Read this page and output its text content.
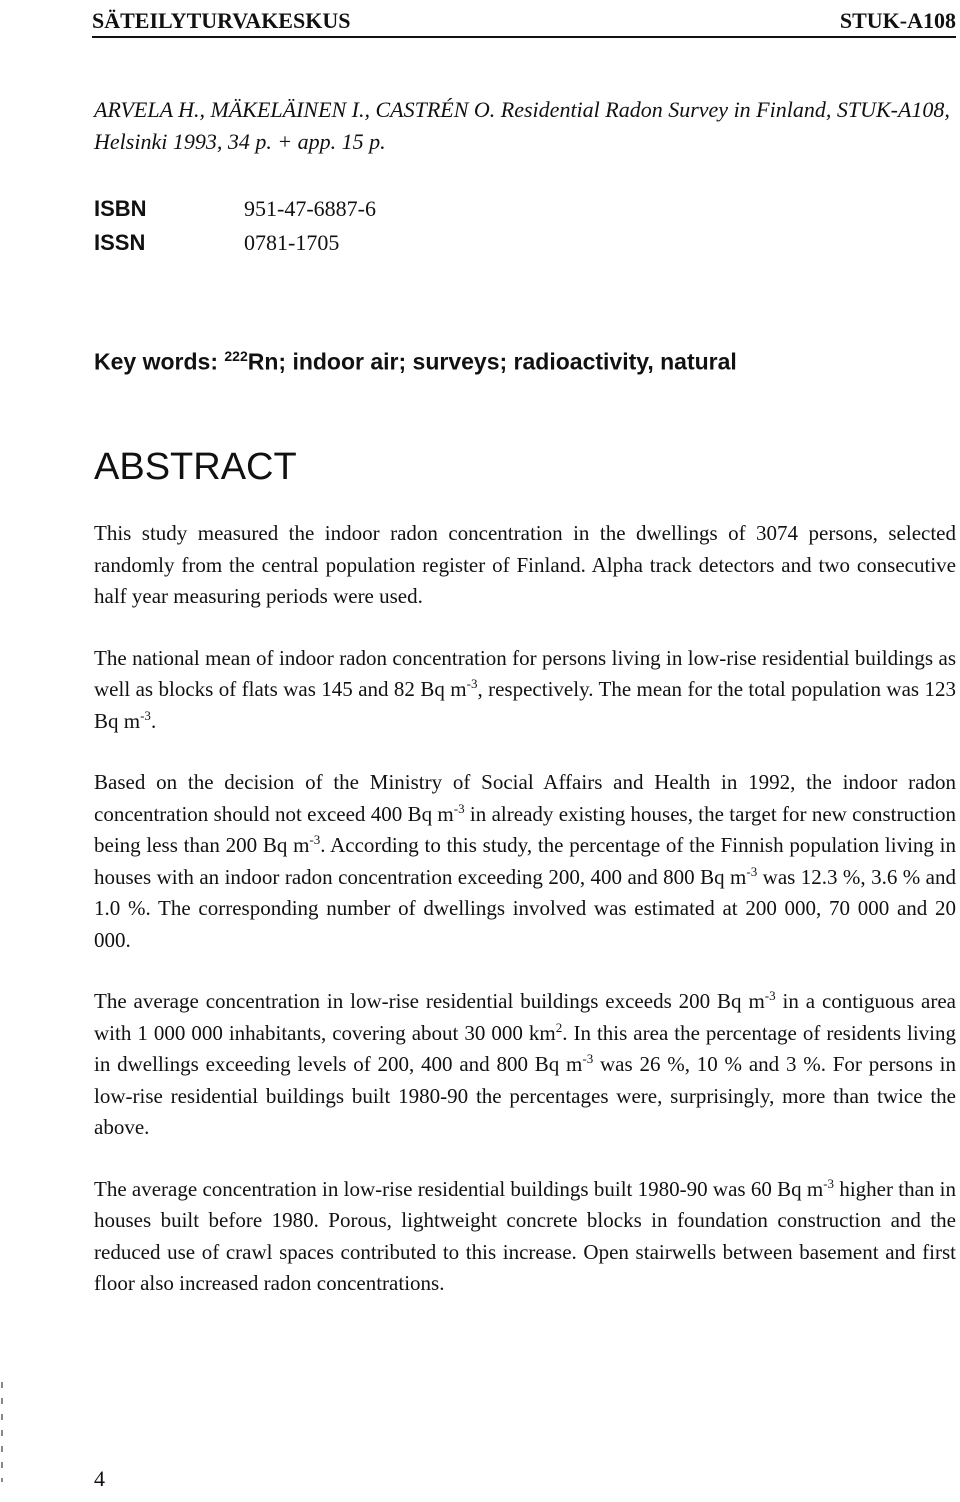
SÄTEILYTURVAKESKUS	STUK-A108
ARVELA H., MÄKELÄINEN I., CASTRÉN O. Residential Radon Survey in Finland, STUK-A108, Helsinki 1993, 34 p. + app. 15 p.
ISBN	951-47-6887-6
ISSN	0781-1705
Key words: $^{222}$Rn; indoor air; surveys; radioactivity, natural
ABSTRACT

This study measured the indoor radon concentration in the dwellings of 3074 persons, selected randomly from the central population register of Finland. Alpha track detectors and two consecutive half year measuring periods were used.

The national mean of indoor radon concentration for persons living in low-rise residential buildings as well as blocks of flats was 145 and 82 Bq $m^{-3}$, respectively. The mean for the total population was 123 Bq $m^{-3}$.

Based on the decision of the Ministry of Social Affairs and Health in 1992, the indoor radon concentration should not exceed 400 Bq $m^{-3}$ in already existing houses, the target for new construction being less than 200 Bq $m^{-3}$. According to this study, the percentage of the Finnish population living in houses with an indoor radon concentration exceeding 200, 400 and 800 Bq $m^{-3}$ was 12.3 %, 3.6 % and 1.0 %. The corresponding number of dwellings involved was estimated at 200 000, 70 000 and 20 000.

The average concentration in low-rise residential buildings exceeds 200 Bq $m^{-3}$ in a contiguous area with 1 000 000 inhabitants, covering about 30 000 $km^2$. In this area the percentage of residents living in dwellings exceeding levels of 200, 400 and 800 Bq $m^{-3}$ was 26 %, 10 % and 3 %. For persons in low-rise residential buildings built 1980-90 the percentages were, surprisingly, more than twice the above.

The average concentration in low-rise residential buildings built 1980-90 was 60 Bq $m^{-3}$ higher than in houses built before 1980. Porous, lightweight concrete blocks in foundation construction and the reduced use of crawl spaces contributed to this increase. Open stairwells between basement and first floor also increased radon concentrations.

4
